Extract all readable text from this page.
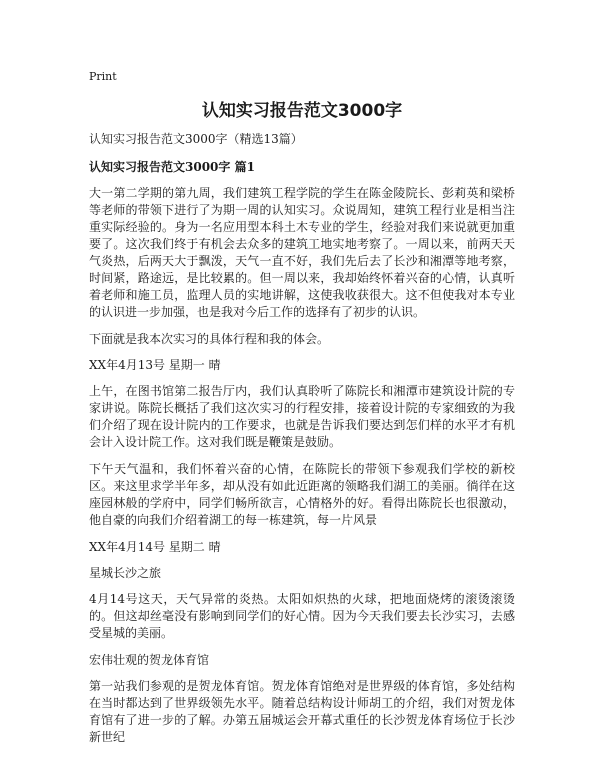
Print
认知实习报告范文3000字
认知实习报告范文3000字（精选13篇）
认知实习报告范文3000字 篇1

大一第二学期的第九周，我们建筑工程学院的学生在陈金陵院长、彭莉英和梁桥等老师的带领下进行了为期一周的认知实习。众说周知，建筑工程行业是相当注重实际经验的。身为一名应用型本科土木专业的学生，经验对我们来说就更加重要了。这次我们终于有机会去众多的建筑工地实地考察了。一周以来，前两天天气炎热，后两天大于飘泼，天气一直不好，我们先后去了长沙和湘潭等地考察，时间紧，路途远，是比较累的。但一周以来，我却始终怀着兴奋的心情，认真听着老师和施工员，监理人员的实地讲解，这使我收获很大。这不但使我对本专业的认识进一步加强，也是我对今后工作的选择有了初步的认识。

下面就是我本次实习的具体行程和我的体会。
XX年4月13号 星期一 晴

上午，在图书馆第二报告厅内，我们认真聆听了陈院长和湘潭市建筑设计院的专家讲说。陈院长概括了我们这次实习的行程安排，接着设计院的专家细致的为我们介绍了现在设计院内的工作要求，也就是告诉我们要达到怎们样的水平才有机会计入设计院工作。这对我们既是鞭策是鼓励。

下午天气温和，我们怀着兴奋的心情，在陈院长的带领下参观我们学校的新校区。来这里求学半年多，却从没有如此近距离的领略我们湖工的美丽。徜徉在这座园林般的学府中，同学们畅所欲言，心情格外的好。看得出陈院长也很激动，他自豪的向我们介绍着湖工的每一栋建筑，每一片风景

XX年4月14号 星期二 晴
星城长沙之旅

4月14号这天，天气异常的炎热。太阳如炽热的火球，把地面烧烤的滚烫滚烫的。但这却丝毫没有影响到同学们的好心情。因为今天我们要去长沙实习，去感受星城的美丽。

宏伟壮观的贺龙体育馆

第一站我们参观的是贺龙体育馆。贺龙体育馆绝对是世界级的体育馆，多处结构在当时都达到了世界级领先水平。随着总结构设计师胡工的介绍，我们对贺龙体育馆有了进一步的了解。办第五届城运会开幕式重任的长沙贺龙体育场位于长沙新世纪
